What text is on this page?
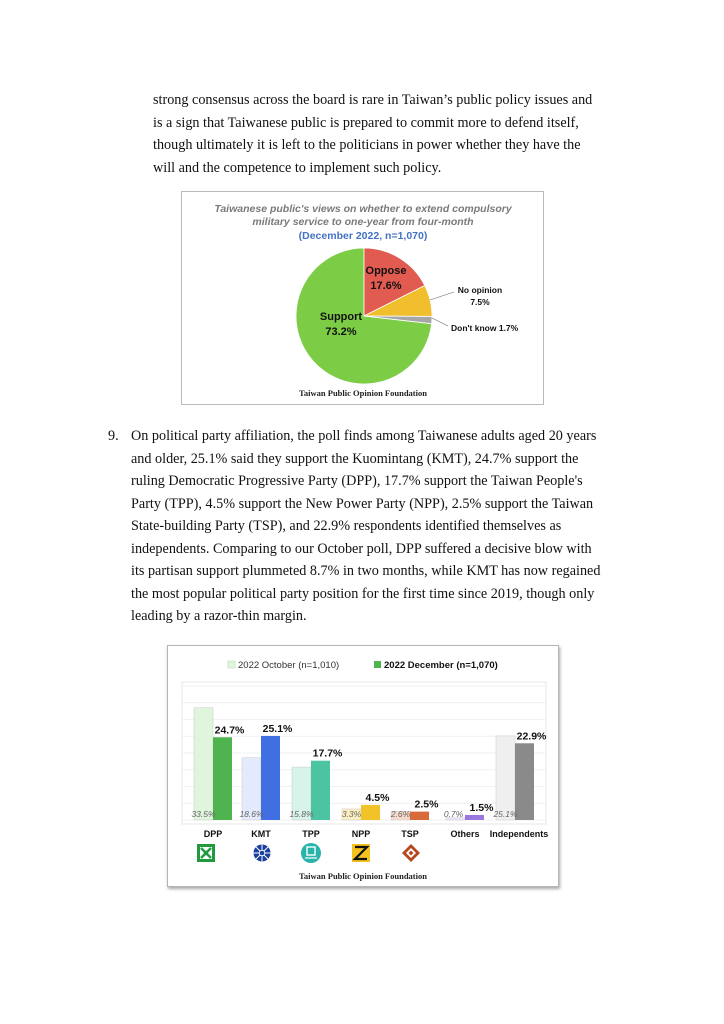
strong consensus across the board is rare in Taiwan’s public policy issues and
is a sign that Taiwanese public is prepared to commit more to defend itself,
though ultimately it is left to the politicians in power whether they have the
will and the competence to implement such policy.
Taiwanese public's views on whether to extend compulsory
military service to one-year from four-month
(December 2022, n=1,070)
Oppose
17.6%
Support
73.2%
No opinion
7.5%
Don't know 1.7%
Taiwan Public Opinion Foundation
9. On political party affiliation, the poll finds among Taiwanese adults aged 20 years
and older, 25.1% said they support the Kuomintang (KMT), 24.7% support the
ruling Democratic Progressive Party (DPP), 17.7% support the Taiwan People's
Party (TPP), 4.5% support the New Power Party (NPP), 2.5% support the Taiwan
State-building Party (TSP), and 22.9% respondents identified themselves as
independents. Comparing to our October poll, DPP suffered a decisive blow with
its partisan support plummeted 8.7% in two months, while KMT has now regained
the most popular political party position for the first time since 2019, though only
leading by a razor-thin margin.
2022 October (n=1,010)	2022 December (n=1,070)
33.5%
24.7%
18.6%
25.1%
15.8%
17.7%
3.3%
4.5%
2.6%
2.5%
0.7%
1.5%
25.1%
22.9%
DPP	KMT	TPP	NPP	TSP	Others Independents
Taiwan Public Opinion Foundation
